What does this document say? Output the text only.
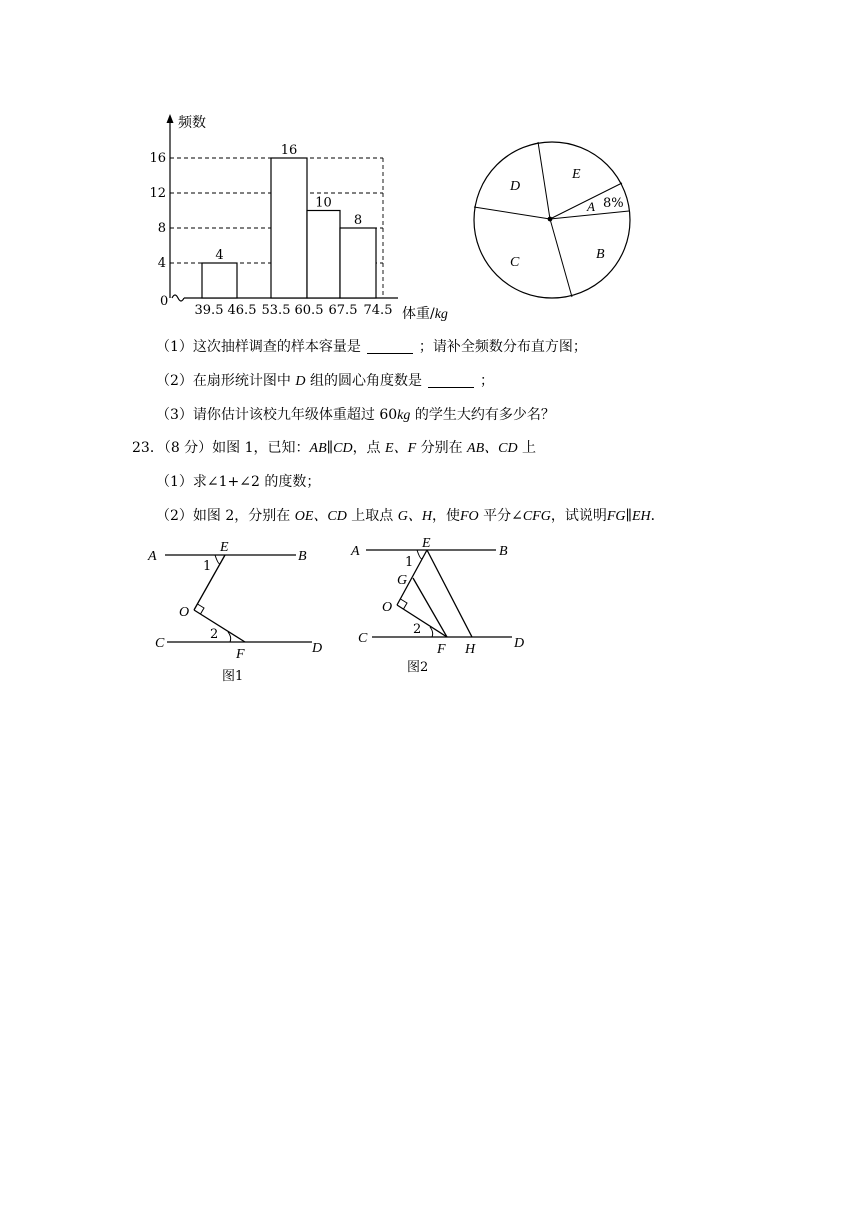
频数
0
体重/kg
4
16
10
8
4
8
12
16
39.5 46.5 53.5 60.5 67.5 74.5
D
E
A 8%
B
C
（1）这次抽样调查的样本容量是	；请补全频数分布直方图；
（2）在扇形统计图中 D 组的圆心角度数是	；
（3）请你估计该校九年级体重超过 60kg 的学生大约有多少名？
23．（8 分）如图 1，已知：AB∥CD，点 E、F 分别在 AB、CD 上
（1）求∠1+∠2 的度数；
（2）如图 2，分别在 OE、CD 上取点 G、H，使FO 平分∠CFG，试说明FG∥EH．
A
E
B
1
O
2
C
F	D
图1
A
E
B
1
G
O
2
C
F H	D
图2
